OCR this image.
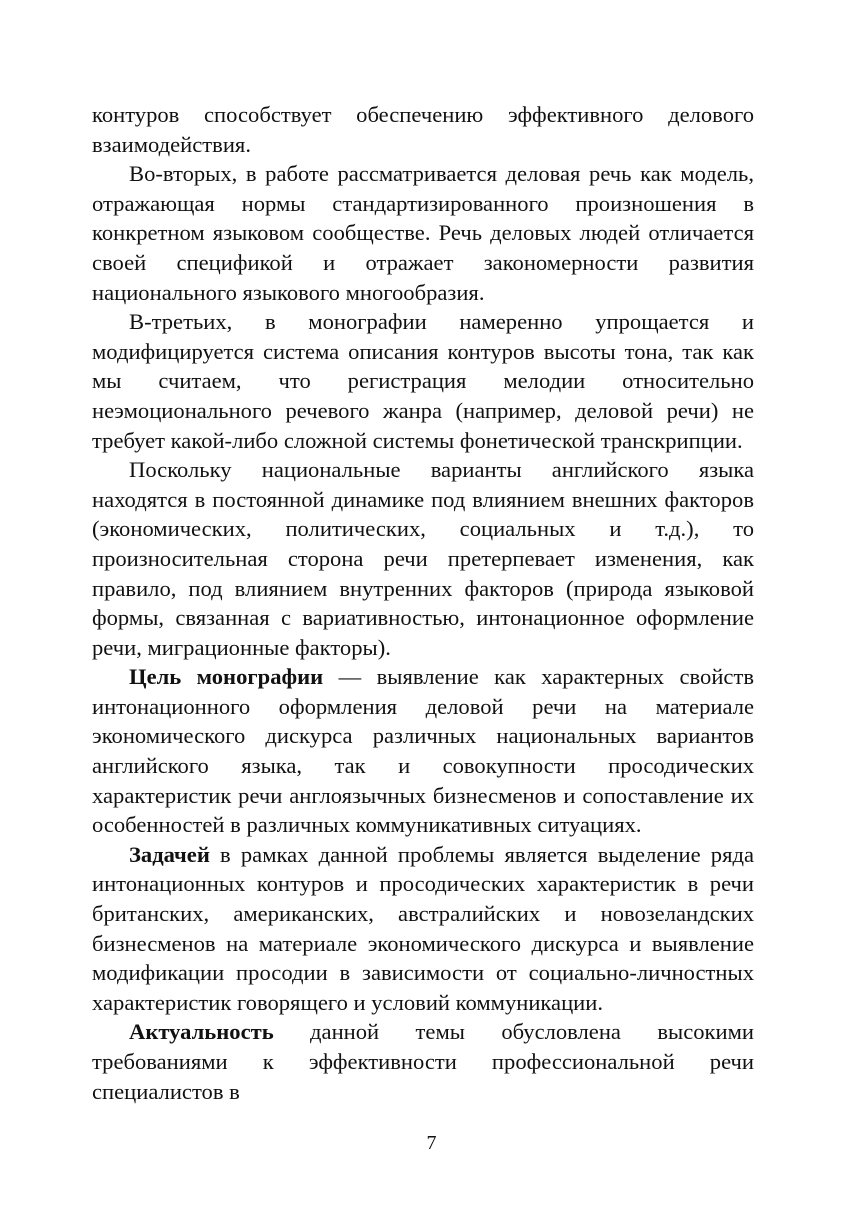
контуров способствует обеспечению эффективного делового взаимодействия.

Во-вторых, в работе рассматривается деловая речь как модель, отражающая нормы стандартизированного произношения в конкретном языковом сообществе. Речь деловых людей отличается своей спецификой и отражает закономерности развития национального языкового многообразия.

В-третьих, в монографии намеренно упрощается и модифицируется система описания контуров высоты тона, так как мы считаем, что регистрация мелодии относительно неэмоционального речевого жанра (например, деловой речи) не требует какой-либо сложной системы фонетической транскрипции.

Поскольку национальные варианты английского языка находятся в постоянной динамике под влиянием внешних факторов (экономических, политических, социальных и т.д.), то произносительная сторона речи претерпевает изменения, как правило, под влиянием внутренних факторов (природа языковой формы, связанная с вариативностью, интонационное оформление речи, миграционные факторы).

Цель монографии — выявление как характерных свойств интонационного оформления деловой речи на материале экономического дискурса различных национальных вариантов английского языка, так и совокупности просодических характеристик речи англоязычных бизнесменов и сопоставление их особенностей в различных коммуникативных ситуациях.

Задачей в рамках данной проблемы является выделение ряда интонационных контуров и просодических характеристик в речи британских, американских, австралийских и новозеландских бизнесменов на материале экономического дискурса и выявление модификации просодии в зависимости от социально-личностных характеристик говорящего и условий коммуникации.

Актуальность данной темы обусловлена высокими требованиями к эффективности профессиональной речи специалистов в

7
